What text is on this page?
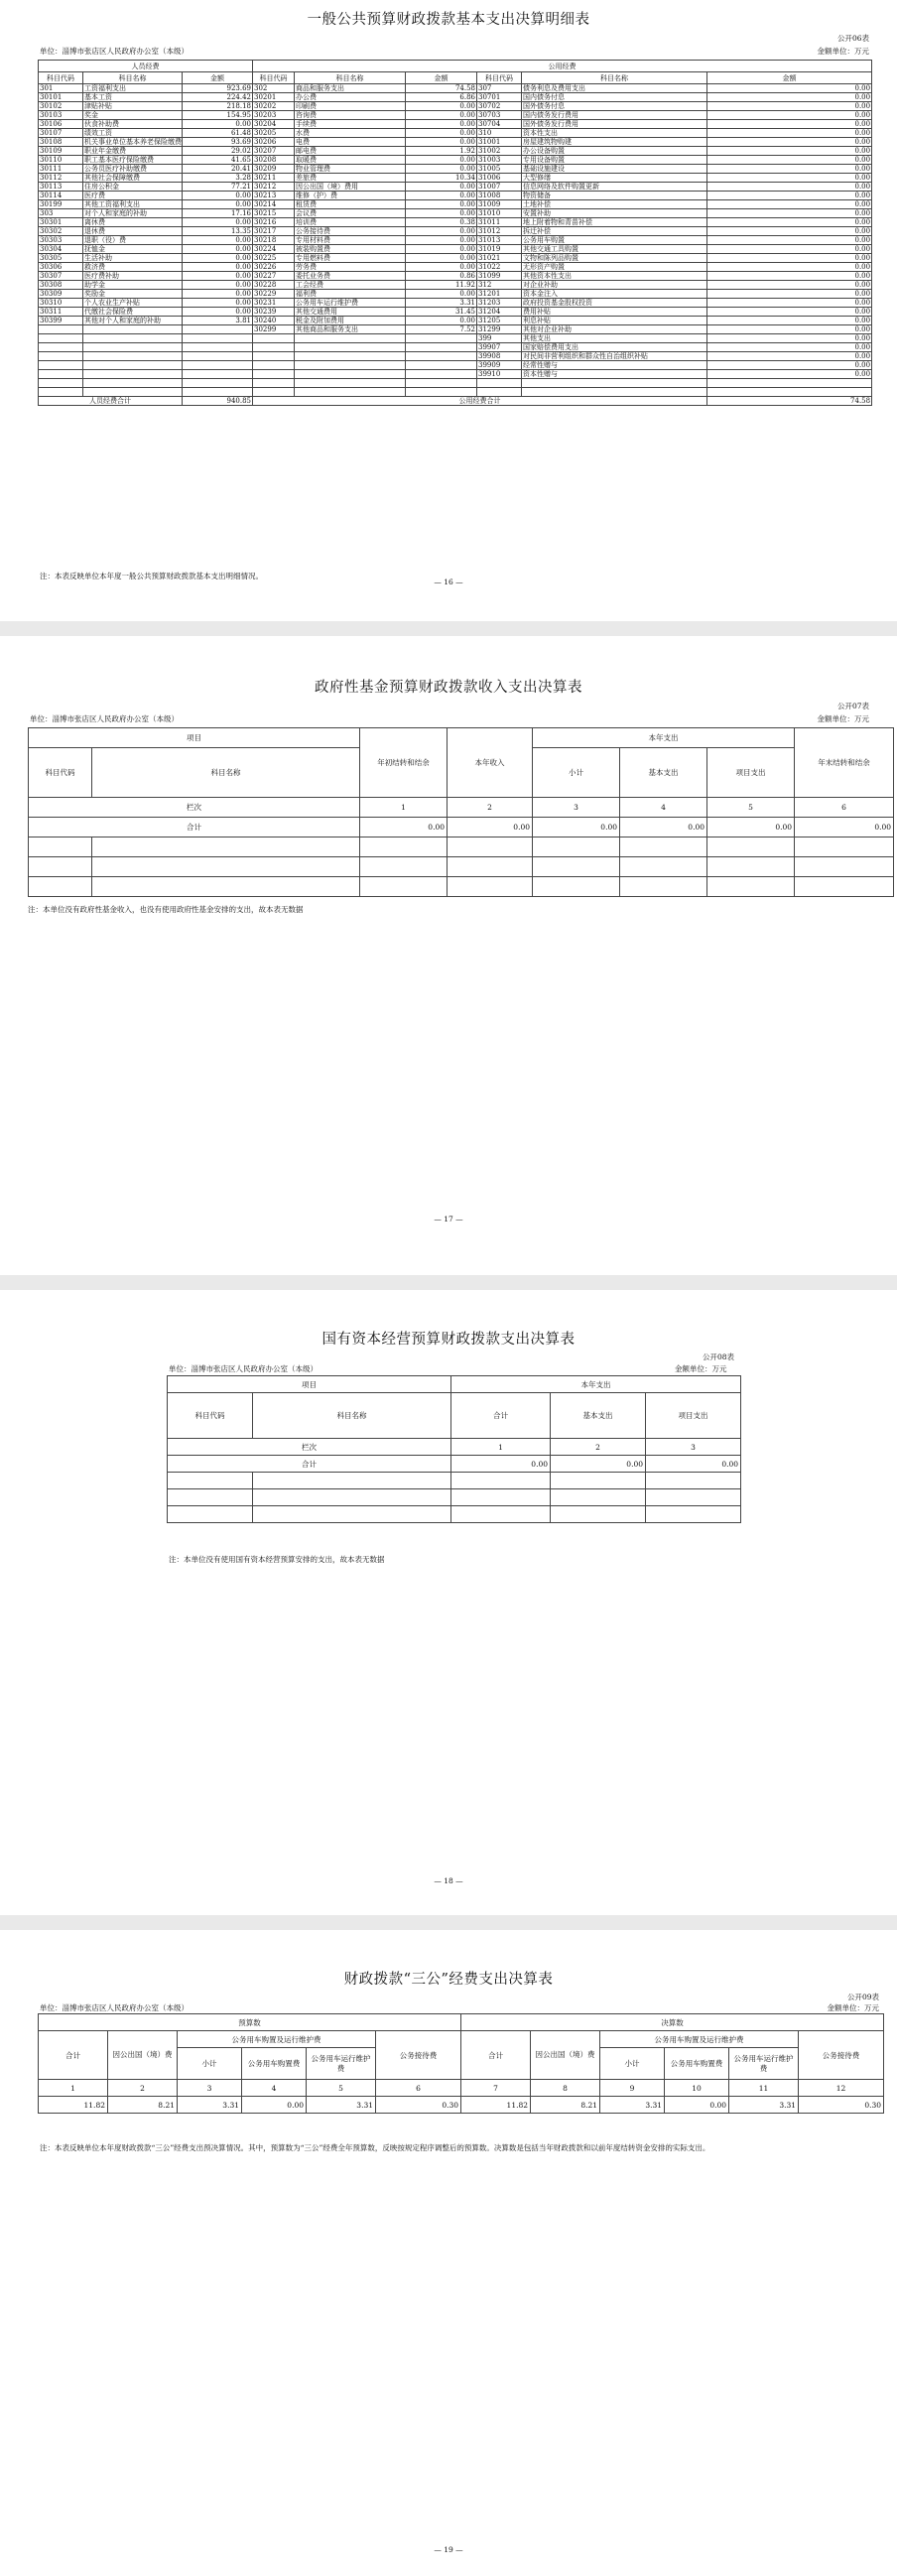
一般公共预算财政拨款基本支出决算明细表
公开06表
单位：淄博市张店区人民政府办公室（本级）	金额单位：万元
人员经费			公用经费					
科目代码	科目名称	金额	科目代码	科目名称	金额	科目代码	科目名称	金额
301	工资福利支出	923.69	302	商品和服务支出	74.58	307	债务利息及费用支出	0.00
30101	基本工资	224.42	30201	办公费	6.86	30701	国内债务付息	0.00
30102	津贴补贴	218.18	30202	印刷费	0.00	30702	国外债务付息	0.00
30103	奖金	154.95	30203	咨询费	0.00	30703	国内债务发行费用	0.00
30106	伙食补助费	0.00	30204	手续费	0.00	30704	国外债务发行费用	0.00
30107	绩效工资	61.48	30205	水费	0.00	310	资本性支出	0.00
30108	机关事业单位基本养老保险缴费	93.69	30206	电费	0.00	31001	房屋建筑物购建	0.00
30109	职业年金缴费	29.02	30207	邮电费	1.92	31002	办公设备购置	0.00
30110	职工基本医疗保险缴费	41.65	30208	取暖费	0.00	31003	专用设备购置	0.00
30111	公务员医疗补助缴费	20.41	30209	物业管理费	0.00	31005	基础设施建设	0.00
30112	其他社会保障缴费	3.28	30211	差旅费	10.34	31006	大型修缮	0.00
30113	住房公积金	77.21	30212	因公出国（境）费用	0.00	31007	信息网络及软件购置更新	0.00
30114	医疗费	0.00	30213	维修（护）费	0.00	31008	物资储备	0.00
30199	其他工资福利支出	0.00	30214	租赁费	0.00	31009	土地补偿	0.00
303	对个人和家庭的补助	17.16	30215	会议费	0.00	31010	安置补助	0.00
30301	离休费	0.00	30216	培训费	0.38	31011	地上附着物和青苗补偿	0.00
30302	退休费	13.35	30217	公务接待费	0.00	31012	拆迁补偿	0.00
30303	退职（役）费	0.00	30218	专用材料费	0.00	31013	公务用车购置	0.00
30304	抚恤金	0.00	30224	被装购置费	0.00	31019	其他交通工具购置	0.00
30305	生活补助	0.00	30225	专用燃料费	0.00	31021	文物和陈列品购置	0.00
30306	救济费	0.00	30226	劳务费	0.00	31022	无形资产购置	0.00
30307	医疗费补助	0.00	30227	委托业务费	0.86	31099	其他资本性支出	0.00
30308	助学金	0.00	30228	工会经费	11.92	312	对企业补助	0.00
30309	奖励金	0.00	30229	福利费	0.00	31201	资本金注入	0.00
30310	个人农业生产补贴	0.00	30231	公务用车运行维护费	3.31	31203	政府投资基金股权投资	0.00
30311	代缴社会保险费	0.00	30239	其他交通费用	31.45	31204	费用补贴	0.00
30399	其他对个人和家庭的补助	3.81	30240	税金及附加费用	0.00	31205	利息补贴	0.00
			30299	其他商品和服务支出	7.52	31299	其他对企业补助	0.00
						399	其他支出	0.00
						39907	国家赔偿费用支出	0.00
						39908	对民间非营利组织和群众性自治组织补贴	0.00
						39909	经常性赠与	0.00
						39910	资本性赠与	0.00

人员经费合计		940.85	公用经费合计					74.58
注：本表反映单位本年度一般公共预算财政拨款基本支出明细情况。
— 16 —
政府性基金预算财政拨款收入支出决算表
公开07表
单位：淄博市张店区人民政府办公室（本级）	金额单位：万元
项目		年初结转和结余	本年收入	本年支出			年末结转和结余
科目代码	科目名称			小计	基本支出	项目支出	
栏次		1	2	3	4	5	6
合计		0.00	0.00	0.00	0.00	0.00	0.00

注：本单位没有政府性基金收入，也没有使用政府性基金安排的支出，故本表无数据
— 17 —
国有资本经营预算财政拨款支出决算表
公开08表
单位：淄博市张店区人民政府办公室（本级）	金额单位：万元
项目		本年支出		
科目代码	科目名称	合计	基本支出	项目支出
栏次		1	2	3
合计		0.00	0.00	0.00

注：本单位没有使用国有资本经营预算安排的支出，故本表无数据
— 18 —
财政拨款“三公”经费支出决算表
公开09表
单位：淄博市张店区人民政府办公室（本级）	金额单位：万元
预算数						决算数					
合计	因公出国（境）费	公务用车购置及运行维护费			公务接待费	合计	因公出国（境）费	公务用车购置及运行维护费			公务接待费
		小计	公务用车购置费	公务用车运行维护费				小计	公务用车购置费	公务用车运行维护费	
1	2	3	4	5	6	7	8	9	10	11	12
11.82	8.21	3.31	0.00	3.31	0.30	11.82	8.21	3.31	0.00	3.31	0.30
注：本表反映单位本年度财政拨款“三公”经费支出预决算情况。其中，预算数为“三公”经费全年预算数，反映按规定程序调整后的预算数。决算数是包括当年财政拨款和以前年度结转资金安排的实际支出。
— 19 —
